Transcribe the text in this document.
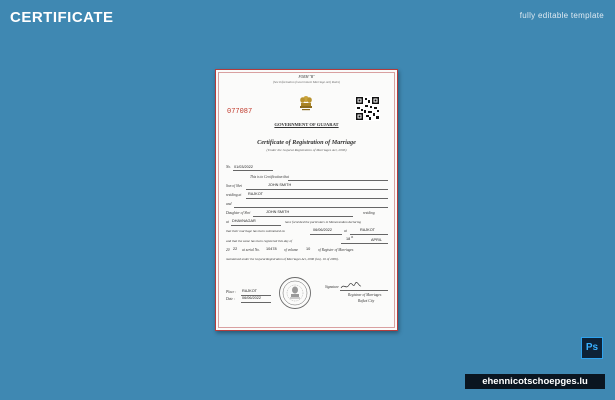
CERTIFICATE	fully editable template
FORM "B"
(See Information (Government Marriage Act) Rules)
077087
GOVERNMENT OF GUJARAT
Certificate of Registration of Marriage
(Under the Gujarat Registration of Marriages Act, 2006)
No. 01/03/2022
This is to Certification that
Son of Shri	JOHN SMITH
residing at RAJKOT
and
Daughter of Shri	JOHN SMITH	residing
at DHAVNAGAR	have furnished the particulars in Memorandum declaring
that their marriage has been solemnized on	06/06/2022	at	RAJKOT
and that the same has been registered this day of	18 th
APRIL
20 22 at serial No. 10478 of volume 10 of Register of Marriages
maintained under the Gujarat Registration of Marriages Act, 2006 (Guj. 16 of 2006).
Signature
Registrar of Marriages
Rajkot City
Place : RAJKOT
Date : 06/06/2022
Ps
ehennicotschoepges.lu
